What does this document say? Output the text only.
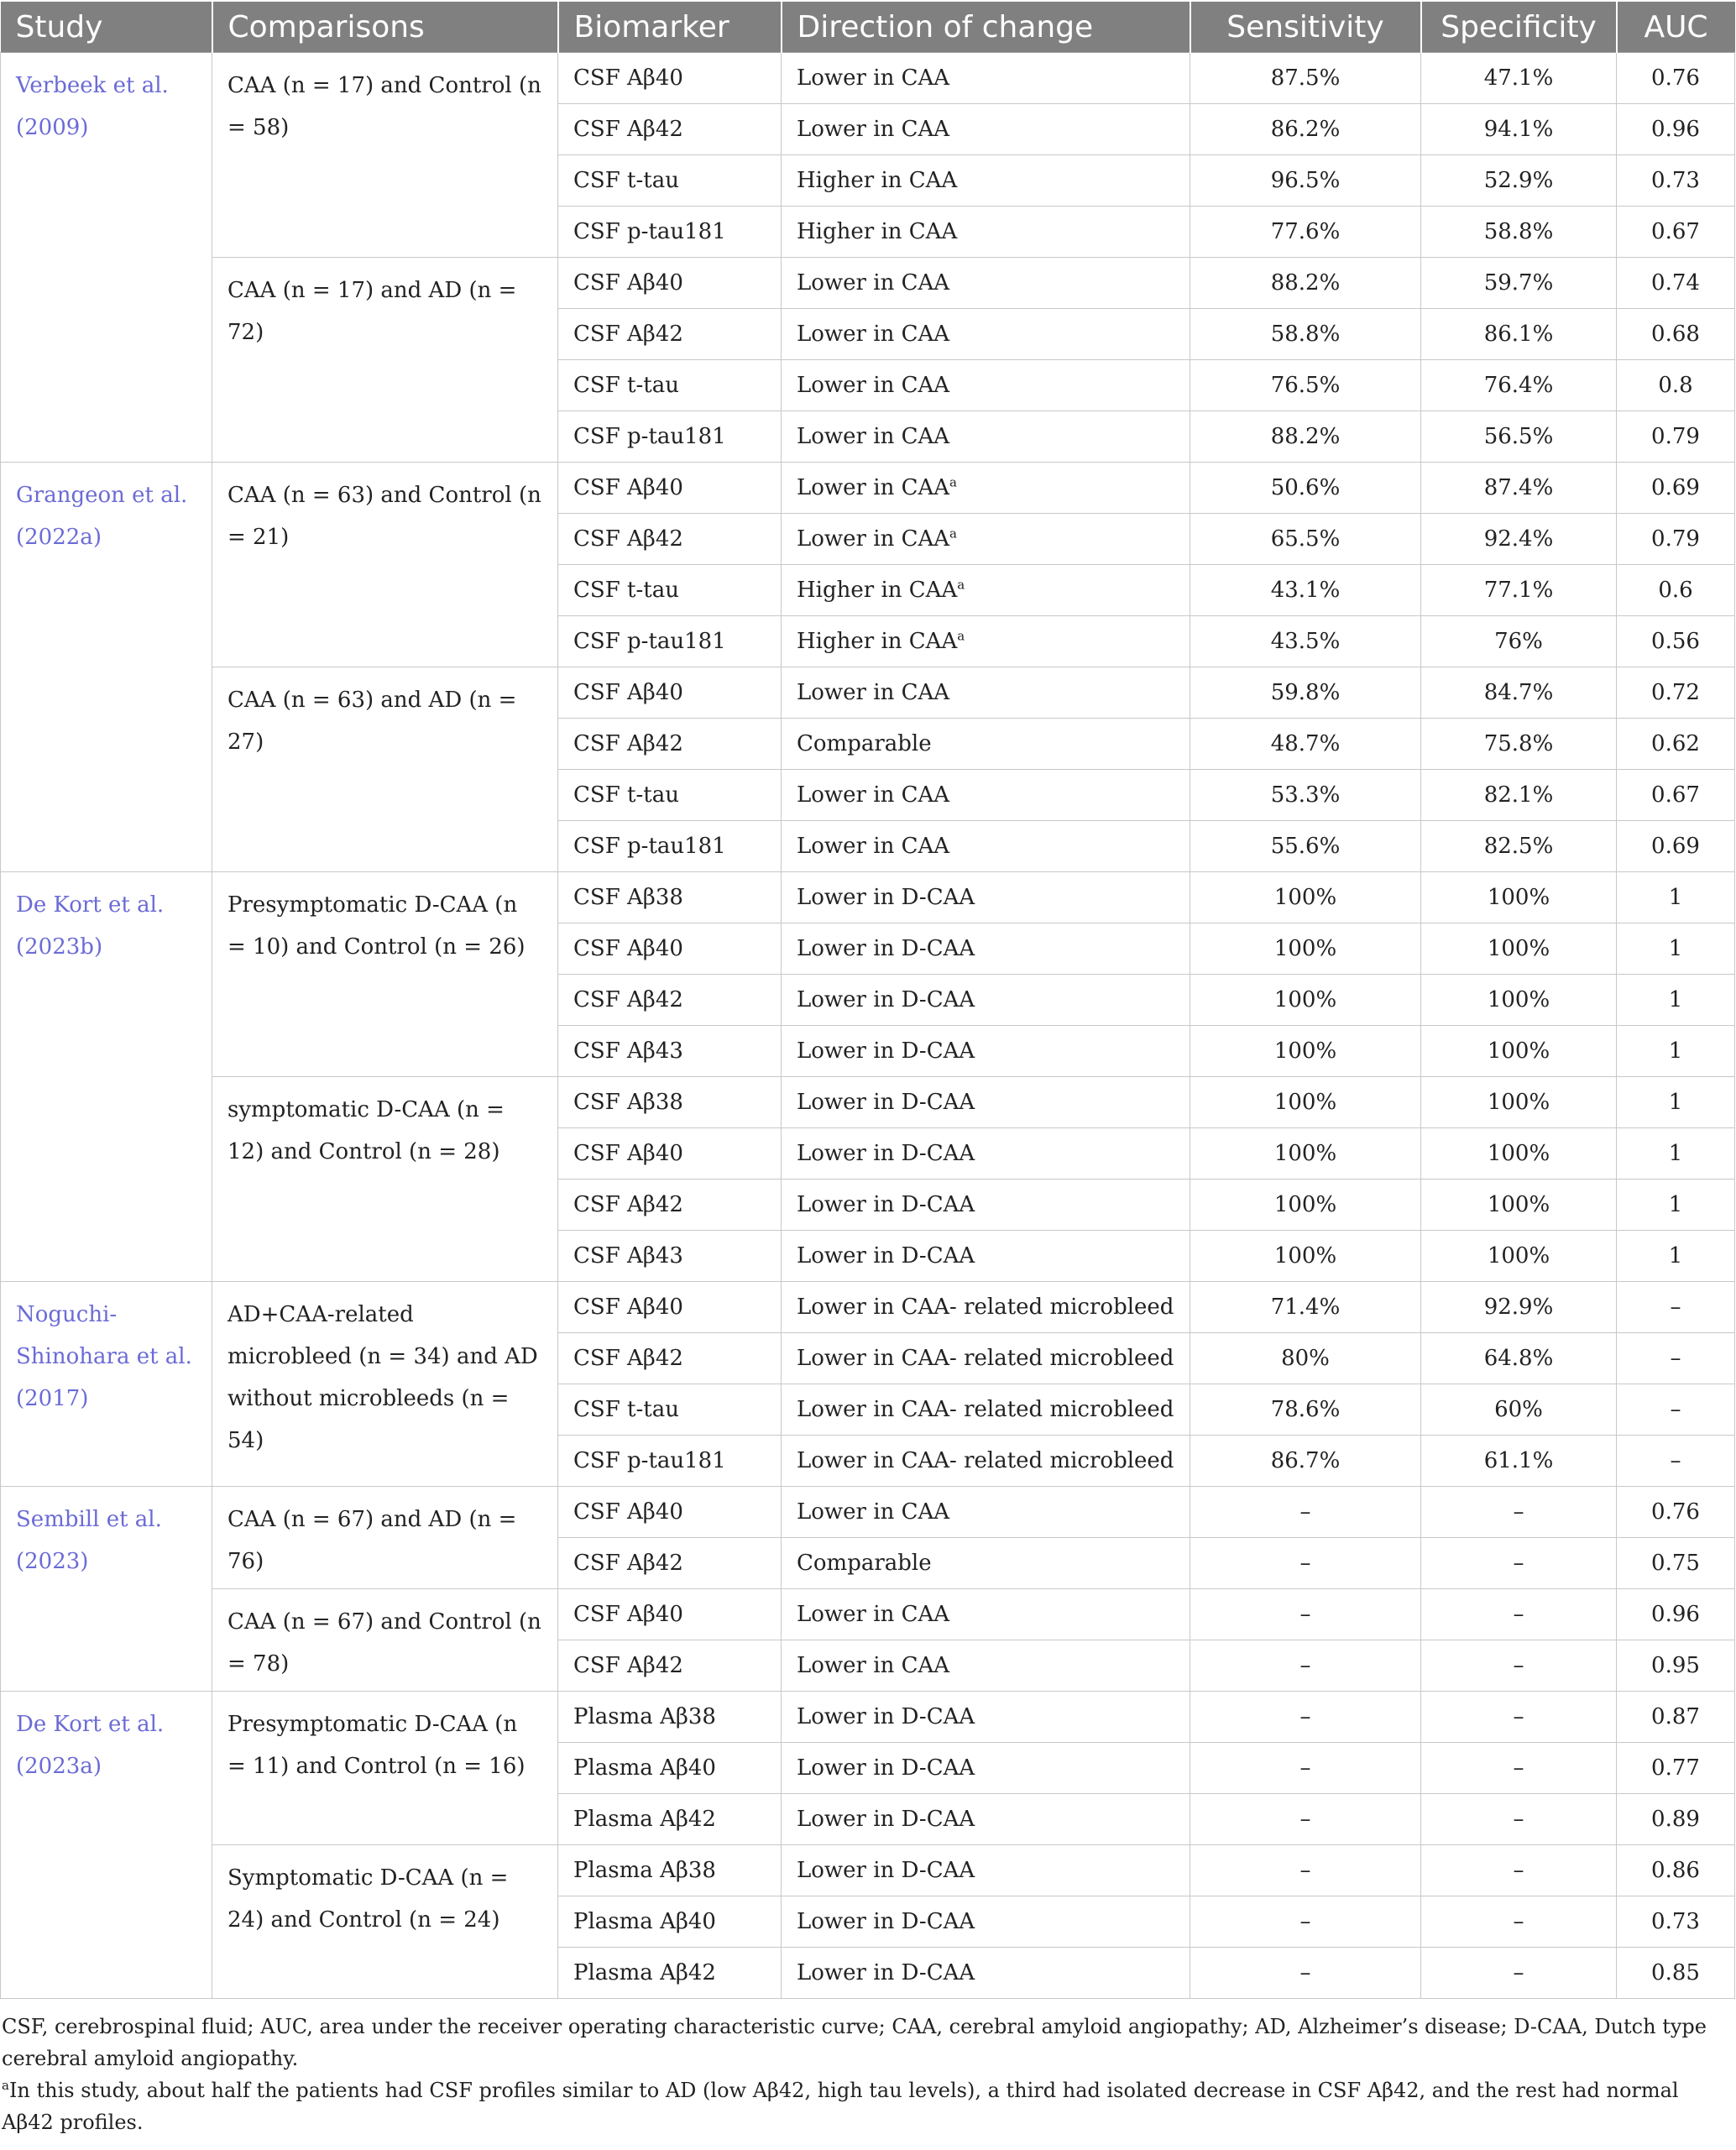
Study	Comparisons	Biomarker	Direction of change	Sensitivity	Specificity	AUC
Verbeek et al. (2009)	CAA (n = 17) and Control (n = 58)	CSF Aβ40	Lower in CAA	87.5%	47.1%	0.76
		CSF Aβ42	Lower in CAA	86.2%	94.1%	0.96
		CSF t-tau	Higher in CAA	96.5%	52.9%	0.73
		CSF p-tau181	Higher in CAA	77.6%	58.8%	0.67
	CAA (n = 17) and AD (n = 72)	CSF Aβ40	Lower in CAA	88.2%	59.7%	0.74
		CSF Aβ42	Lower in CAA	58.8%	86.1%	0.68
		CSF t-tau	Lower in CAA	76.5%	76.4%	0.8
		CSF p-tau181	Lower in CAA	88.2%	56.5%	0.79
Grangeon et al. (2022a)	CAA (n = 63) and Control (n = 21)	CSF Aβ40	Lower in CAA$^a$	50.6%	87.4%	0.69
		CSF Aβ42	Lower in CAA$^a$	65.5%	92.4%	0.79
		CSF t-tau	Higher in CAA$^a$	43.1%	77.1%	0.6
		CSF p-tau181	Higher in CAA$^a$	43.5%	76%	0.56
	CAA (n = 63) and AD (n = 27)	CSF Aβ40	Lower in CAA	59.8%	84.7%	0.72
		CSF Aβ42	Comparable	48.7%	75.8%	0.62
		CSF t-tau	Lower in CAA	53.3%	82.1%	0.67
		CSF p-tau181	Lower in CAA	55.6%	82.5%	0.69
De Kort et al. (2023b)	Presymptomatic D-CAA (n = 10) and Control (n = 26)	CSF Aβ38	Lower in D-CAA	100%	100%	1
		CSF Aβ40	Lower in D-CAA	100%	100%	1
		CSF Aβ42	Lower in D-CAA	100%	100%	1
		CSF Aβ43	Lower in D-CAA	100%	100%	1
	symptomatic D-CAA (n = 12) and Control (n = 28)	CSF Aβ38	Lower in D-CAA	100%	100%	1
		CSF Aβ40	Lower in D-CAA	100%	100%	1
		CSF Aβ42	Lower in D-CAA	100%	100%	1
		CSF Aβ43	Lower in D-CAA	100%	100%	1
Noguchi-Shinohara et al. (2017)	AD+CAA-related microbleed (n = 34) and AD without microbleeds (n = 54)	CSF Aβ40	Lower in CAA- related microbleed	71.4%	92.9%	–
		CSF Aβ42	Lower in CAA- related microbleed	80%	64.8%	–
		CSF t-tau	Lower in CAA- related microbleed	78.6%	60%	–
		CSF p-tau181	Lower in CAA- related microbleed	86.7%	61.1%	–
Sembill et al. (2023)	CAA (n = 67) and AD (n = 76)	CSF Aβ40	Lower in CAA	–	–	0.76
		CSF Aβ42	Comparable	–	–	0.75
	CAA (n = 67) and Control (n = 78)	CSF Aβ40	Lower in CAA	–	–	0.96
		CSF Aβ42	Lower in CAA	–	–	0.95
De Kort et al. (2023a)	Presymptomatic D-CAA (n = 11) and Control (n = 16)	Plasma Aβ38	Lower in D-CAA	–	–	0.87
		Plasma Aβ40	Lower in D-CAA	–	–	0.77
		Plasma Aβ42	Lower in D-CAA	–	–	0.89
	Symptomatic D-CAA (n = 24) and Control (n = 24)	Plasma Aβ38	Lower in D-CAA	–	–	0.86
		Plasma Aβ40	Lower in D-CAA	–	–	0.73
		Plasma Aβ42	Lower in D-CAA	–	–	0.85

CSF, cerebrospinal fluid; AUC, area under the receiver operating characteristic curve; CAA, cerebral amyloid angiopathy; AD, Alzheimer’s disease; D-CAA, Dutch type cerebral amyloid angiopathy.

$^a$In this study, about half the patients had CSF profiles similar to AD (low Aβ42, high tau levels), a third had isolated decrease in CSF Aβ42, and the rest had normal Aβ42 profiles.
